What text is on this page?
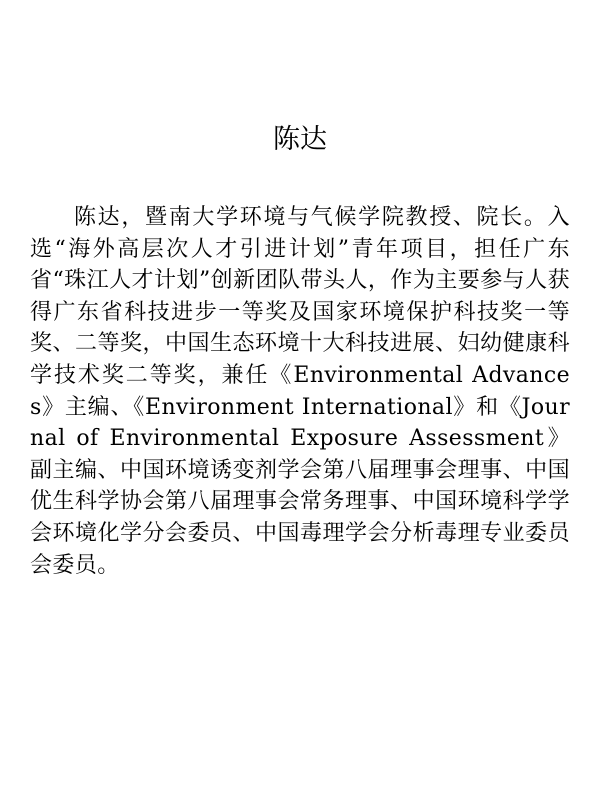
陈达

陈达，暨南大学环境与气候学院教授、院长。入选“海外高层次人才引进计划”青年项目，担任广东省“珠江人才计划”创新团队带头人，作为主要参与人获得广东省科技进步一等奖及国家环境保护科技奖一等奖、二等奖，中国生态环境十大科技进展、妇幼健康科学技术奖二等奖，兼任《Environmental Advances》主编、《Environment International》和《Journal of Environmental Exposure Assessment》副主编、中国环境诱变剂学会第八届理事会理事、中国优生科学协会第八届理事会常务理事、中国环境科学学会环境化学分会委员、中国毒理学会分析毒理专业委员会委员。
